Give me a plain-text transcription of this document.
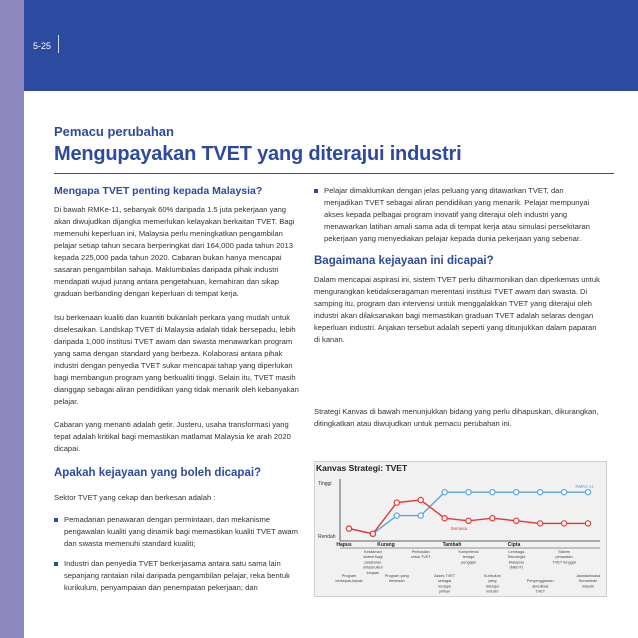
5-25
Pemacu perubahan
Mengupayakan TVET yang diterajui industri
Mengapa TVET penting kepada Malaysia?

Di bawah RMKe-11, sebanyak 60% daripada 1.5 juta pekerjaan yang akan diwujudkan dijangka memerlukan kelayakan berkaitan TVET. Bagi memenuhi keperluan ini, Malaysia perlu meningkatkan pengambilan pelajar setiap tahun secara berperingkat dari 164,000 pada tahun 2013 kepada 225,000 pada tahun 2020. Cabaran bukan hanya mencapai sasaran pengambilan sahaja. Maklumbalas daripada pihak industri mendapati wujud jurang antara pengetahuan, kemahiran dan sikap graduan berbanding dengan keperluan di tempat kerja.

Isu berkenaan kualiti dan kuantiti bukanlah perkara yang mudah untuk diselesaikan. Landskap TVET di Malaysia adalah tidak bersepadu, lebih daripada 1,000 institusi TVET awam dan swasta menawarkan program yang sama dengan standard yang berbeza. Kolaborasi antara pihak industri dengan penyedia TVET sukar mencapai tahap yang diperlukan bagi membangun program yang berkualiti tinggi. Selain itu, TVET masih dianggap sebagai aliran pendidikan yang tidak menarik oleh kebanyakan pelajar.

Cabaran yang menanti adalah getir. Justeru, usaha transformasi yang tepat adalah kritikal bagi memastikan matlamat Malaysia ke arah 2020 dicapai.

Apakah kejayaan yang boleh dicapai?

Sektor TVET yang cekap dan berkesan adalah :

Pemadanan penawaran dengan permintaan, dan mekanisme pengawalan kualiti yang dinamik bagi memastikan kualiti TVET awam dan swasta memenuhi standard kualiti;
Industri dan penyedia TVET berkerjasama antara satu sama lain sepanjang rantaian nilai daripada pengambilan pelajar, reka bentuk kurikulum, penyampaian dan penempatan pekerjaan; dan
Pelajar dimaklumkan dengan jelas peluang yang ditawarkan TVET, dan menjadikan TVET sebagai aliran pendidikan yang menarik. Pelajar mempunyai akses kepada pelbagai program inovatif yang diterajui oleh industri yang menawarkan latihan amali sama ada di tempat kerja atau simulasi persekitaran pekerjaan yang menyediakan pelajar kepada dunia pekerjaan yang sebenar.
Bagaimana kejayaan ini dicapai?

Dalam mencapai aspirasi ini, sistem TVET perlu diharmonikan dan diperkemas untuk mengurangkan ketidakseragaman merentasi institusi TVET awam dan swasta. Di samping itu, program dan intervensi untuk menggalakkan TVET yang diterajui oleh industri akan dilaksanakan bagi memastikan graduan TVET adalah selaras dengan keperluan industri. Anjakan tersebut adalah seperti yang ditunjukkan dalam paparan di kanan.

Strategi Kanvas di bawah menunjukkan bidang yang perlu dihapuskan, dikurangkan, ditingkatkan atau diwujudkan untuk pemacu perubahan ini.

Kanvas Strategi: TVET
Tinggi
Rendah
Hapus	Kurang	Tambah	Cipta
Program
berkepak-kepak
Kesilaman
sistem bagi
pelaburan
infrastruktur
kerjaan
Program yang
berkesan
Peribadian
untuk TVET
Akses TVET
sebagai
kerjaya
pilihan
Kompetensi
tenaga
pengajar
Kurikulum
yang
diterajui
industri
Lembaga
Teknologis
Malaysia
(MBOT)
Penyenggaraan
akreditasi
TVET
Sistem
penarafan
TVET tunggal
Jawatankuasa
Kemahiran
Industri
RMKe-11
Semasa
